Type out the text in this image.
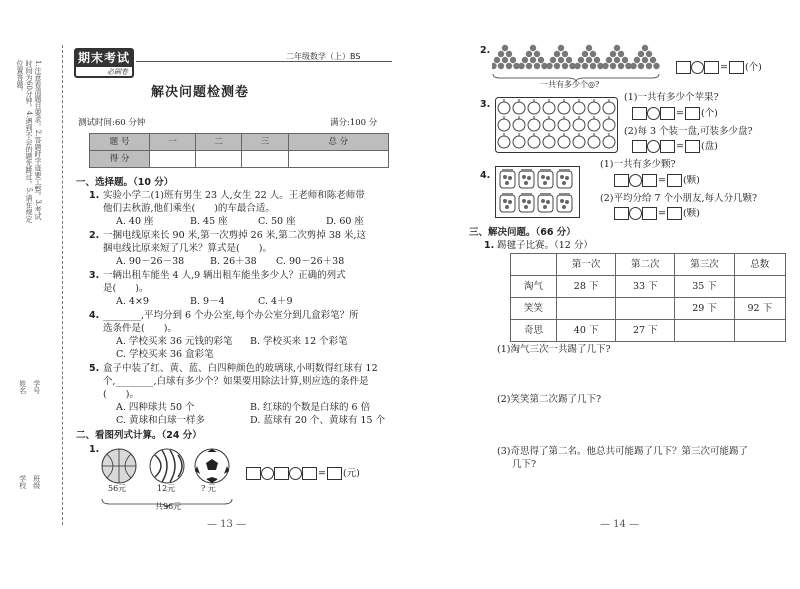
1.注意看清题目要求。2.答题时字迹要工整。3.考试时间为60分钟。4.遇到不会的题先跳过。5.请在规定位置答题。
学校 班级
姓名 学号
期末考试
必刷卷
二年级数学（上）BS
解决问题检测卷
测试时间:60 分钟	满分:100 分
题 号	一	二	三	总 分
得 分				
一、选择题。（10 分）
1. 实验小学二(1)班有男生 23 人,女生 22 人。王老师和陈老师带
他们去秋游,他们乘坐(　　)的车最合适。
A. 40 座	B. 45 座	C. 50 座	D. 60 座
2. 一捆电线原来长 90 米,第一次剪掉 26 米,第二次剪掉 38 米,这
捆电线比原来短了几米？算式是(　　)。
A. 90－26－38	B. 26＋38 C. 90－26＋38
3. 一辆出租车能坐 4 人,9 辆出租车能坐多少人？正确的列式
是(　　)。
A. 4×9	B. 9－4	C. 4＋9
4. ________,平均分到 6 个办公室,每个办公室分到几盒彩笔？所
选条件是(　　)。
A. 学校买来 36 元钱的彩笔 B. 学校买来 12 个彩笔
C. 学校买来 36 盒彩笔
5. 盒子中装了红、黄、蓝、白四种颜色的玻璃球,小明数得红球有 12
个,________,白球有多少个？如果要用除法计算,则应选的条件是
(　　)。
A. 四种球共 50 个	B. 红球的个数是白球的 6 倍
C. 黄球和白球一样多	D. 蓝球有 20 个、黄球有 15 个
二、看图列式计算。（24 分）
1.
56元	12元	? 元
共96元
= (元)
— 13 —
2.
一共有多少个◎?
= (个)
3.
(1)一共有多少个苹果?
= (个)
(2)每 3 个装一盘,可装多少盘?
= (盘)
4.
(1)一共有多少颗?
= (颗)
(2)平均分给 7 个小朋友,每人分几颗?
= (颗)
三、解决问题。（66 分）
1. 踢毽子比赛。（12 分）
	第一次	第二次	第三次	总数
淘气	28 下	33 下	35 下	
笑笑			29 下	92 下
奇思	40 下	27 下		
(1)淘气三次一共踢了几下?
(2)笑笑第二次踢了几下?
(3)奇思得了第二名。他总共可能踢了几下？第三次可能踢了
几下?
— 14 —
